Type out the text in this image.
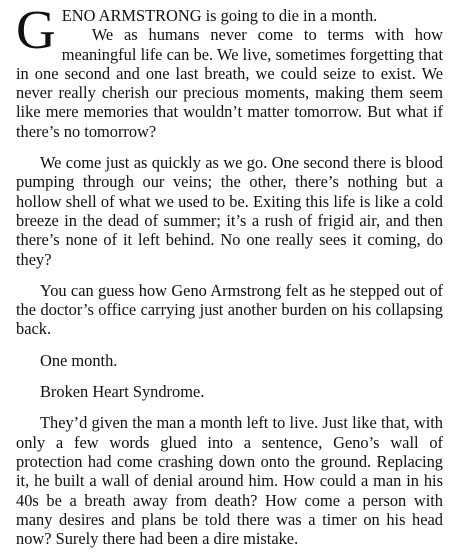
GENO ARMSTRONG is going to die in a month.
We as humans never come to terms with how meaningful life can be. We live, sometimes forgetting that in one second and one last breath, we could seize to exist. We never really cherish our precious moments, making them seem like mere memories that wouldn’t matter tomorrow. But what if there’s no tomorrow?

We come just as quickly as we go. One second there is blood pumping through our veins; the other, there’s nothing but a hollow shell of what we used to be. Exiting this life is like a cold breeze in the dead of summer; it’s a rush of frigid air, and then there’s none of it left behind. No one really sees it coming, do they?

You can guess how Geno Armstrong felt as he stepped out of the doctor’s office carrying just another burden on his collapsing back.

One month.

Broken Heart Syndrome.

They’d given the man a month left to live. Just like that, with only a few words glued into a sentence, Geno’s wall of protection had come crashing down onto the ground. Replacing it, he built a wall of denial around him. How could a man in his 40s be a breath away from death? How come a person with many desires and plans be told there was a timer on his head now? Surely there had been a dire mistake.
